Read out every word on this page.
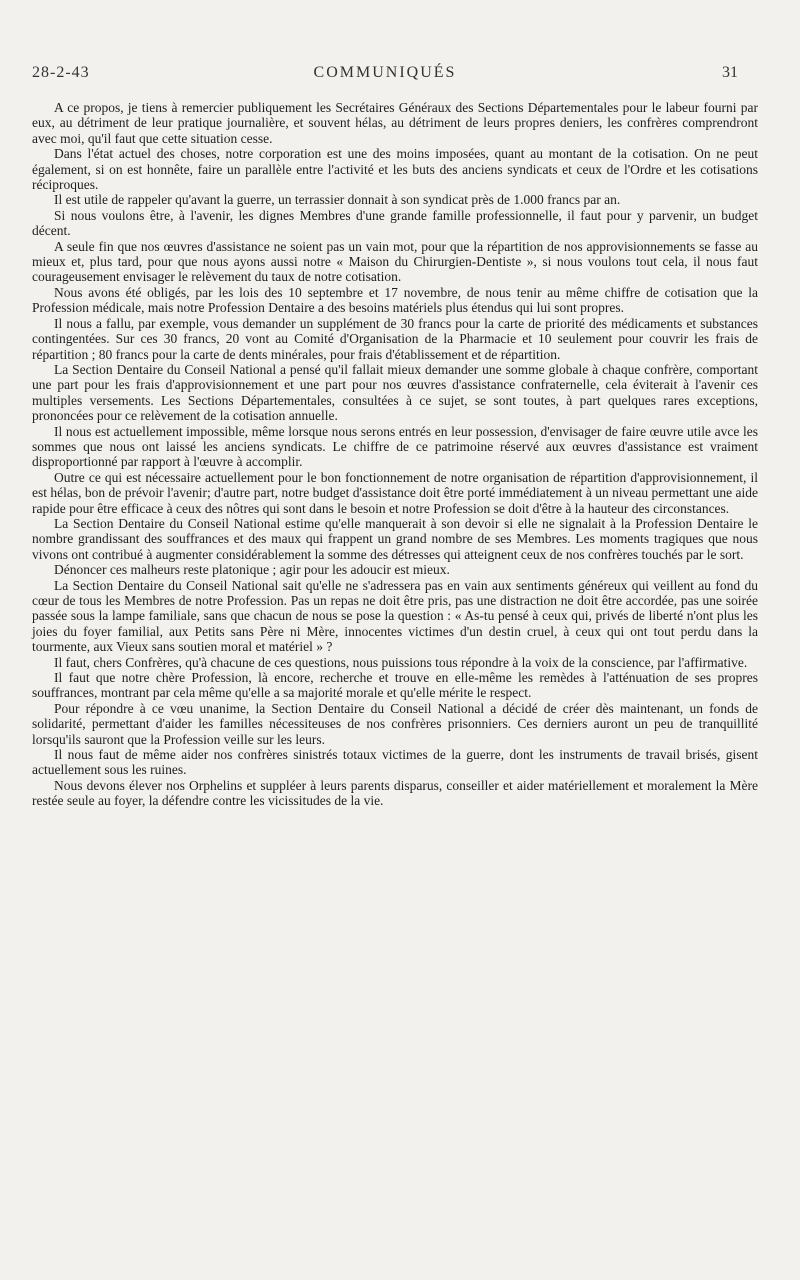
28-2-43	COMMUNIQUÉS	31

A ce propos, je tiens à remercier publiquement les Secrétaires Généraux des Sections Départementales pour le labeur fourni par eux, au détriment de leur pratique journalière, et souvent hélas, au détriment de leurs propres deniers, les confrères comprendront avec moi, qu'il faut que cette situation cesse.

Dans l'état actuel des choses, notre corporation est une des moins imposées, quant au montant de la cotisation. On ne peut également, si on est honnête, faire un parallèle entre l'activité et les buts des anciens syndicats et ceux de l'Ordre et les cotisations réciproques.

Il est utile de rappeler qu'avant la guerre, un terrassier donnait à son syndicat près de 1.000 francs par an.

Si nous voulons être, à l'avenir, les dignes Membres d'une grande famille professionnelle, il faut pour y parvenir, un budget décent.

A seule fin que nos œuvres d'assistance ne soient pas un vain mot, pour que la répartition de nos approvisionnements se fasse au mieux et, plus tard, pour que nous ayons aussi notre « Maison du Chirurgien-Dentiste », si nous voulons tout cela, il nous faut courageusement envisager le relèvement du taux de notre cotisation.

Nous avons été obligés, par les lois des 10 septembre et 17 novembre, de nous tenir au même chiffre de cotisation que la Profession médicale, mais notre Profession Dentaire a des besoins matériels plus étendus qui lui sont propres.

Il nous a fallu, par exemple, vous demander un supplément de 30 francs pour la carte de priorité des médicaments et substances contingentées. Sur ces 30 francs, 20 vont au Comité d'Organisation de la Pharmacie et 10 seulement pour couvrir les frais de répartition ; 80 francs pour la carte de dents minérales, pour frais d'établissement et de répartition.

La Section Dentaire du Conseil National a pensé qu'il fallait mieux demander une somme globale à chaque confrère, comportant une part pour les frais d'approvisionnement et une part pour nos œuvres d'assistance confraternelle, cela éviterait à l'avenir ces multiples versements. Les Sections Départementales, consultées à ce sujet, se sont toutes, à part quelques rares exceptions, prononcées pour ce relèvement de la cotisation annuelle.

Il nous est actuellement impossible, même lorsque nous serons entrés en leur possession, d'envisager de faire œuvre utile avce les sommes que nous ont laissé les anciens syndicats. Le chiffre de ce patrimoine réservé aux œuvres d'assistance est vraiment disproportionné par rapport à l'œuvre à accomplir.

Outre ce qui est nécessaire actuellement pour le bon fonctionnement de notre organisation de répartition d'approvisionnement, il est hélas, bon de prévoir l'avenir; d'autre part, notre budget d'assistance doit être porté immédiatement à un niveau permettant une aide rapide pour être efficace à ceux des nôtres qui sont dans le besoin et notre Profession se doit d'être à la hauteur des circonstances.

La Section Dentaire du Conseil National estime qu'elle manquerait à son devoir si elle ne signalait à la Profession Dentaire le nombre grandissant des souffrances et des maux qui frappent un grand nombre de ses Membres. Les moments tragiques que nous vivons ont contribué à augmenter considérablement la somme des détresses qui atteignent ceux de nos confrères touchés par le sort.

Dénoncer ces malheurs reste platonique ; agir pour les adoucir est mieux.

La Section Dentaire du Conseil National sait qu'elle ne s'adressera pas en vain aux sentiments généreux qui veillent au fond du cœur de tous les Membres de notre Profession. Pas un repas ne doit être pris, pas une distraction ne doit être accordée, pas une soirée passée sous la lampe familiale, sans que chacun de nous se pose la question : « As-tu pensé à ceux qui, privés de liberté n'ont plus les joies du foyer familial, aux Petits sans Père ni Mère, innocentes victimes d'un destin cruel, à ceux qui ont tout perdu dans la tourmente, aux Vieux sans soutien moral et matériel » ?

Il faut, chers Confrères, qu'à chacune de ces questions, nous puissions tous répondre à la voix de la conscience, par l'affirmative.

Il faut que notre chère Profession, là encore, recherche et trouve en elle-même les remèdes à l'atténuation de ses propres souffrances, montrant par cela même qu'elle a sa majorité morale et qu'elle mérite le respect.

Pour répondre à ce vœu unanime, la Section Dentaire du Conseil National a décidé de créer dès maintenant, un fonds de solidarité, permettant d'aider les familles nécessiteuses de nos confrères prisonniers. Ces derniers auront un peu de tranquillité lorsqu'ils sauront que la Profession veille sur les leurs.

Il nous faut de même aider nos confrères sinistrés totaux victimes de la guerre, dont les instruments de travail brisés, gisent actuellement sous les ruines.

Nous devons élever nos Orphelins et suppléer à leurs parents disparus, conseiller et aider matériellement et moralement la Mère restée seule au foyer, la défendre contre les vicissitudes de la vie.
